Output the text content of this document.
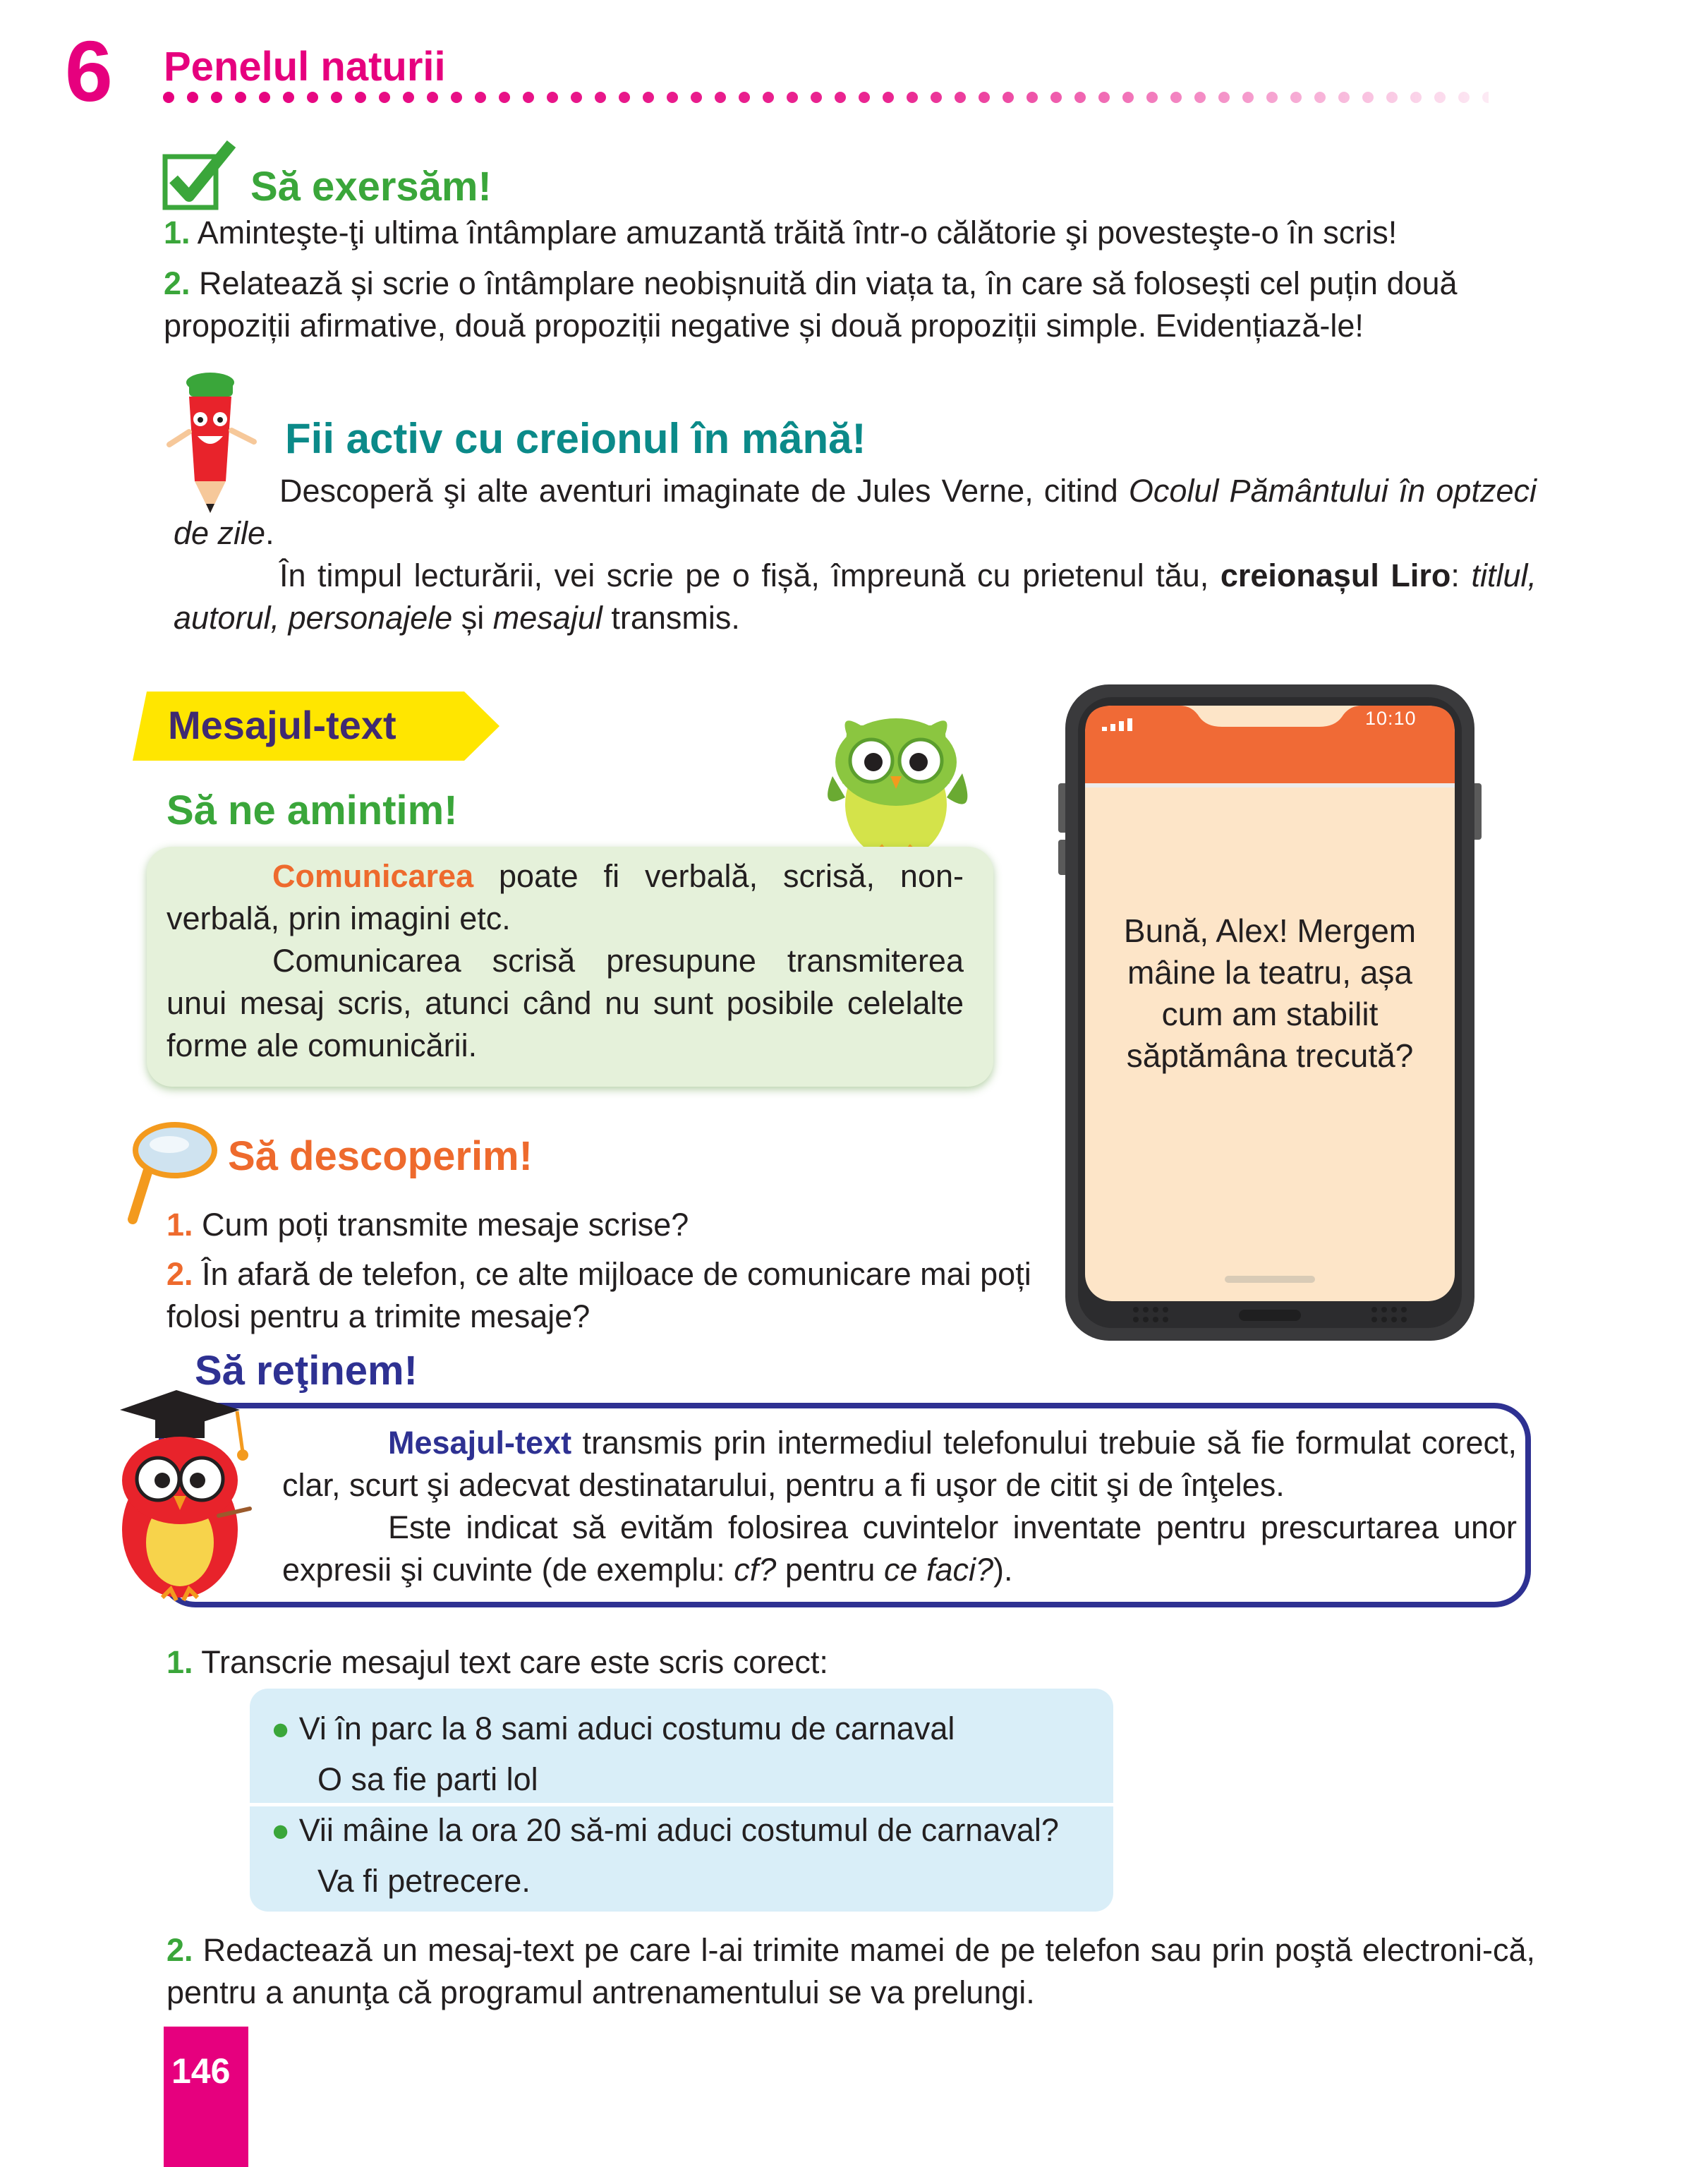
6 Penelul naturii
Să exersăm!
1. Aminteşte-ţi ultima întâmplare amuzantă trăită într-o călătorie şi povesteşte-o în scris!
2. Relatează și scrie o întâmplare neobișnuită din viața ta, în care să folosești cel puțin două propoziții afirmative, două propoziții negative și două propoziții simple. Evidențiază-le!
Fii activ cu creionul în mână!
Descoperă şi alte aventuri imaginate de Jules Verne, citind Ocolul Pământului în optzeci de zile.
În timpul lecturării, vei scrie pe o fișă, împreună cu prietenul tău, creionașul Liro: titlul, autorul, personajele și mesajul transmis.
Mesajul-text
Să ne amintim!
Comunicarea poate fi verbală, scrisă, non-verbală, prin imagini etc.
Comunicarea scrisă presupune transmiterea unui mesaj scris, atunci când nu sunt posibile celelalte forme ale comunicării.
10:10
Bună, Alex! Mergem mâine la teatru, așa cum am stabilit săptămâna trecută?
Să descoperim!
1. Cum poți transmite mesaje scrise?
2. În afară de telefon, ce alte mijloace de comunicare mai poți folosi pentru a trimite mesaje?
Să reţinem!
Mesajul-text transmis prin intermediul telefonului trebuie să fie formulat corect, clar, scurt şi adecvat destinatarului, pentru a fi uşor de citit şi de înţeles.
Este indicat să evităm folosirea cuvintelor inventate pentru prescurtarea unor expresii şi cuvinte (de exemplu: cf? pentru ce faci?).
1. Transcrie mesajul text care este scris corect:
● Vi în parc la 8 sami aduci costumu de carnaval
O sa fie parti lol
● Vii mâine la ora 20 să-mi aduci costumul de carnaval?
Va fi petrecere.
2. Redactează un mesaj-text pe care l-ai trimite mamei de pe telefon sau prin poştă electroni-că, pentru a anunţa că programul antrenamentului se va prelungi.
146
